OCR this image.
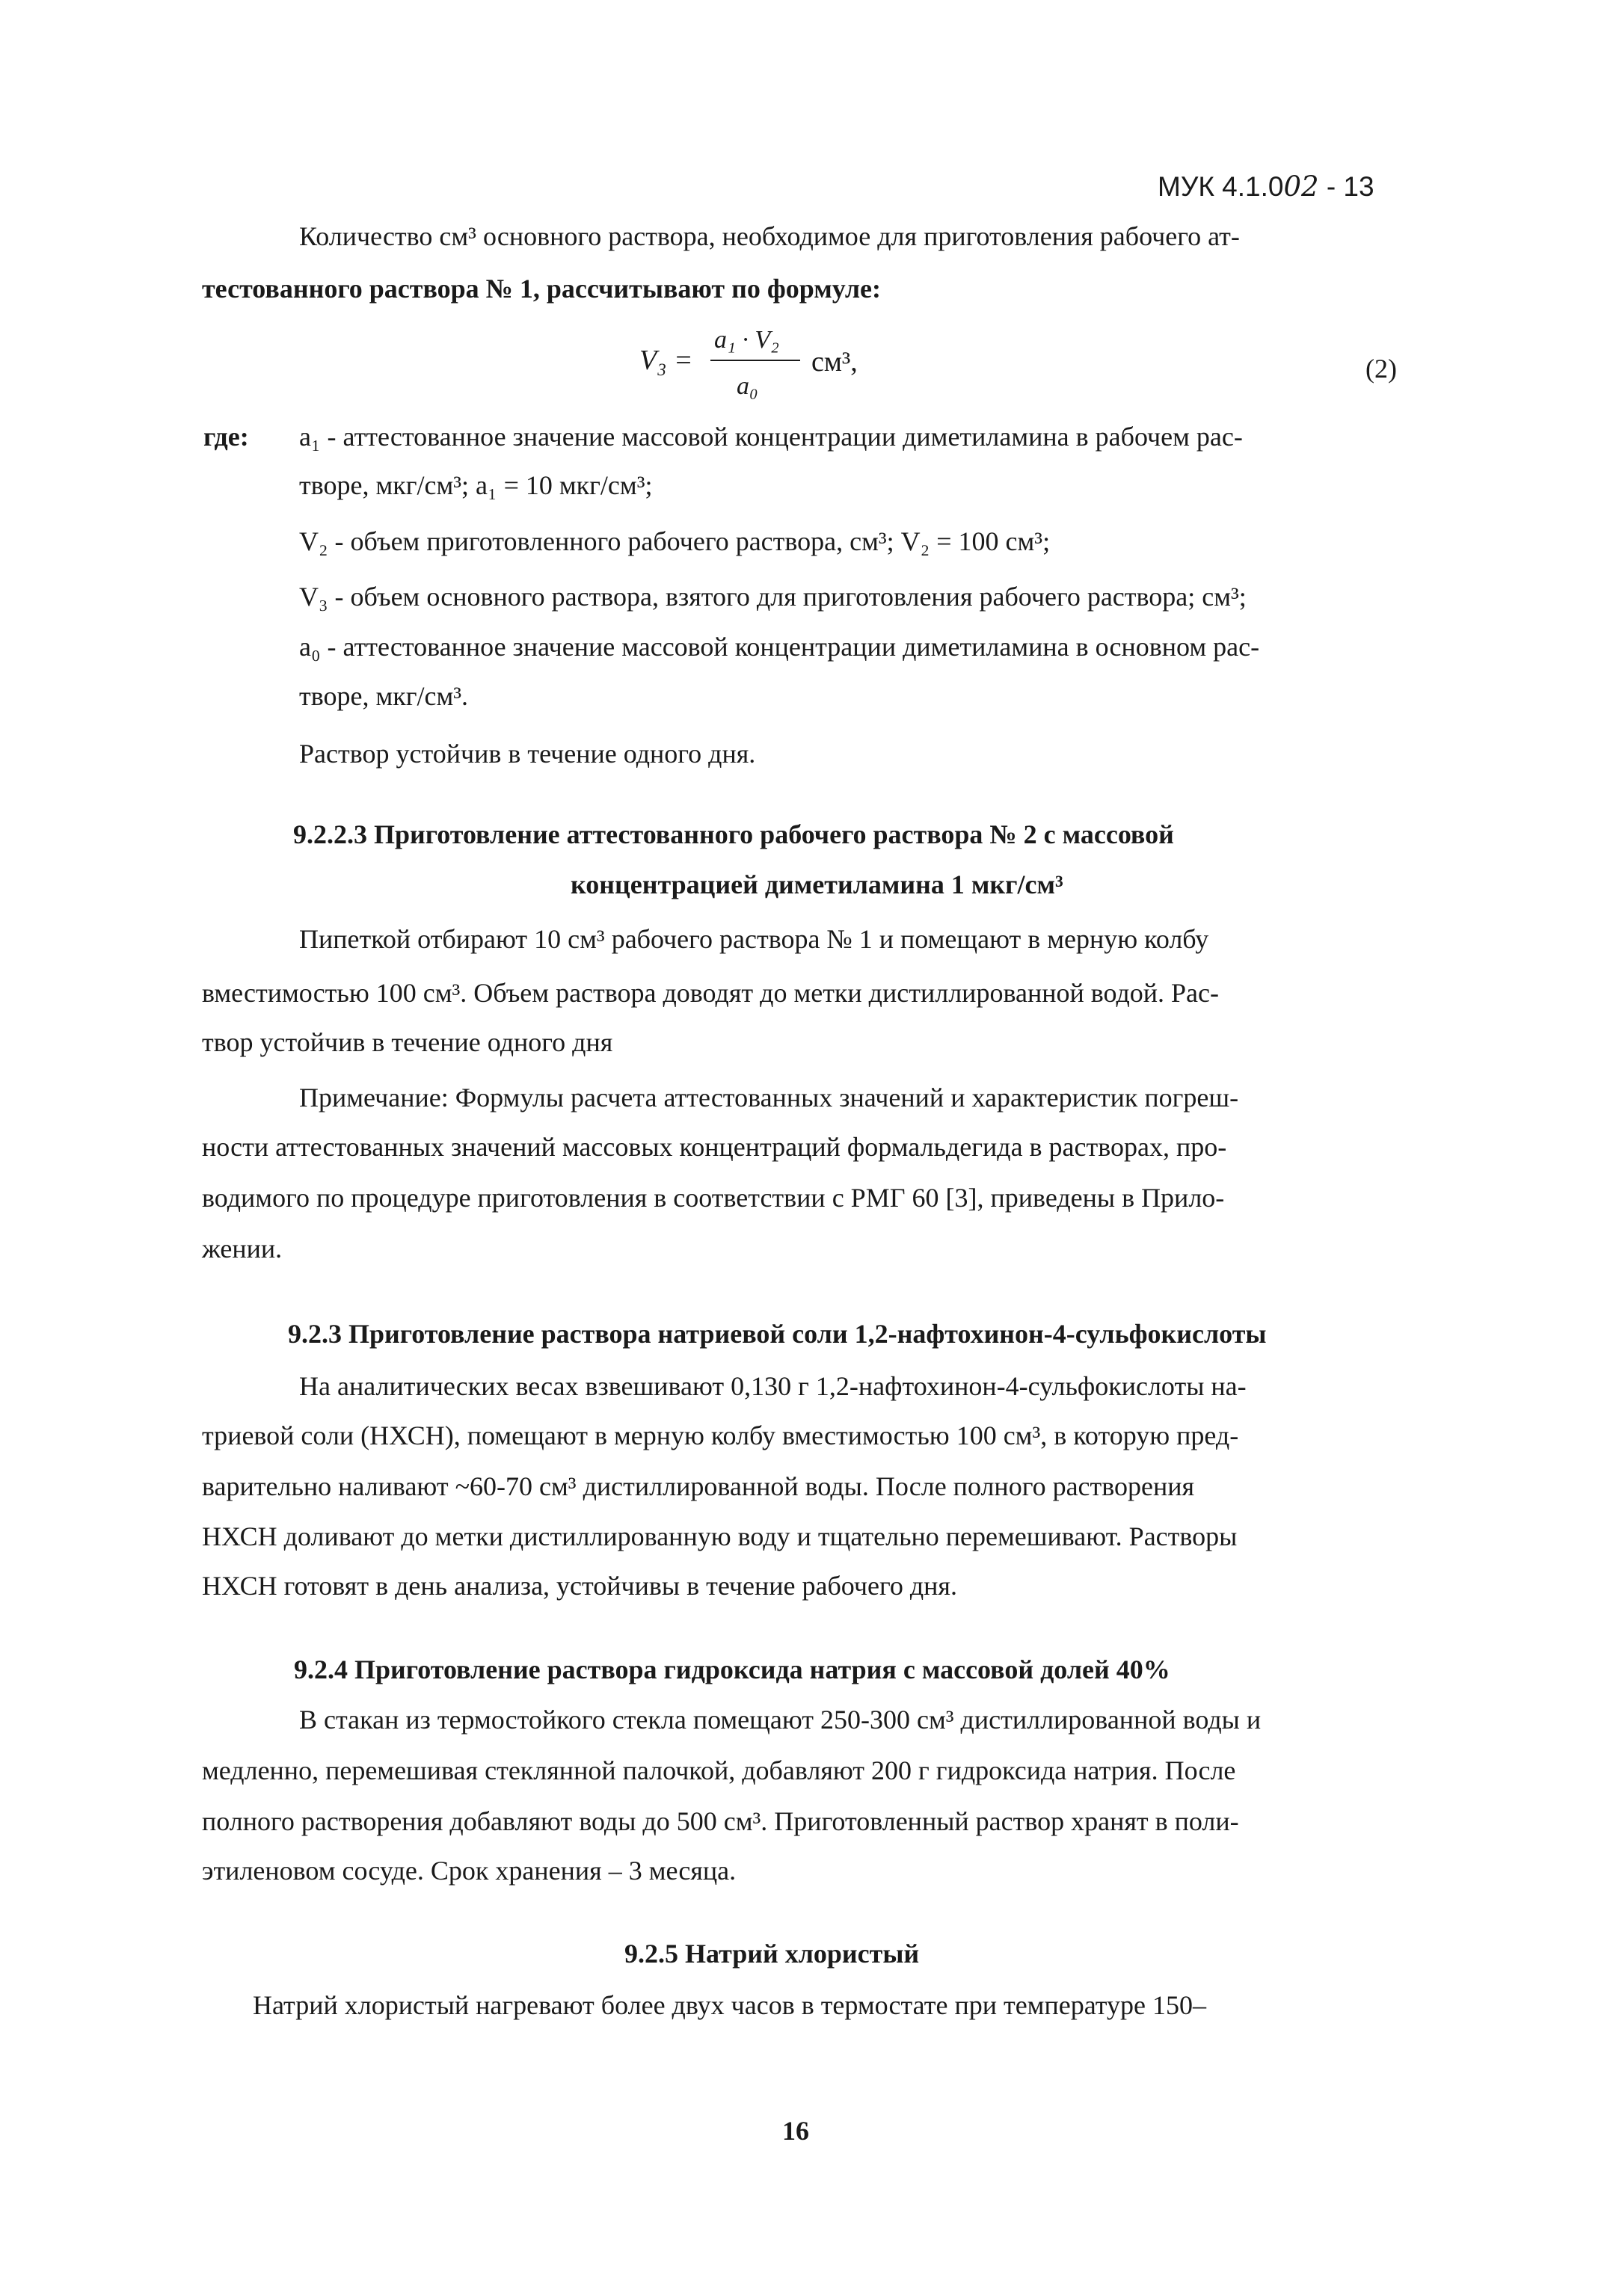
МУК 4.1.002 - 13
Количество см³ основного раствора, необходимое для приготовления рабочего ат-
тестованного раствора № 1, рассчитывают по формуле:
V₃ =
a₁ · V₂
a₀
см³,	(2)
где: a₁ - аттестованное значение массовой концентрации диметиламина в рабочем рас-
творе, мкг/см³; a₁ = 10 мкг/см³;
V₂ - объем приготовленного рабочего раствора, см³; V₂ = 100 см³;
V₃ - объем основного раствора, взятого для приготовления рабочего раствора; см³;
a₀ - аттестованное значение массовой концентрации диметиламина в основном рас-
творе, мкг/см³.
Раствор устойчив в течение одного дня.
9.2.2.3 Приготовление аттестованного рабочего раствора № 2 с массовой
концентрацией диметиламина 1 мкг/см³
Пипеткой отбирают 10 см³ рабочего раствора № 1 и помещают в мерную колбу
вместимостью 100 см³. Объем раствора доводят до метки дистиллированной водой. Рас-
твор устойчив в течение одного дня
Примечание: Формулы расчета аттестованных значений и характеристик погреш-
ности аттестованных значений массовых концентраций формальдегида в растворах, про-
водимого по процедуре приготовления в соответствии с РМГ 60 [3], приведены в Прило-
жении.
9.2.3 Приготовление раствора натриевой соли 1,2-нафтохинон-4-сульфокислоты
На аналитических весах взвешивают 0,130 г 1,2-нафтохинон-4-сульфокислоты на-
триевой соли (НХСН), помещают в мерную колбу вместимостью 100 см³, в которую пред-
варительно наливают ~60-70 см³ дистиллированной воды. После полного растворения
НХСН доливают до метки дистиллированную воду и тщательно перемешивают. Растворы
НХСН готовят в день анализа, устойчивы в течение рабочего дня.
9.2.4 Приготовление раствора гидроксида натрия с массовой долей 40%
В стакан из термостойкого стекла помещают 250-300 см³ дистиллированной воды и
медленно, перемешивая стеклянной палочкой, добавляют 200 г гидроксида натрия. После
полного растворения добавляют воды до 500 см³. Приготовленный раствор хранят в поли-
этиленовом сосуде. Срок хранения – 3 месяца.
9.2.5 Натрий хлористый
Натрий хлористый нагревают более двух часов в термостате при температуре 150–
16
